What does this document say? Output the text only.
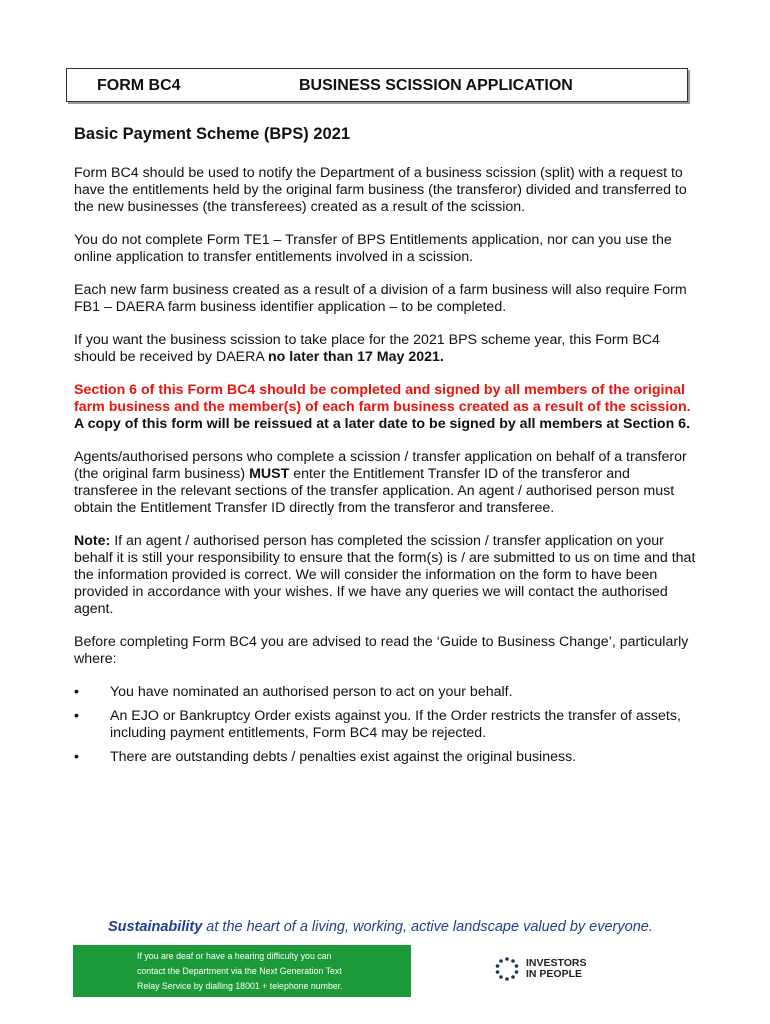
FORM BC4	BUSINESS SCISSION APPLICATION
Basic Payment Scheme (BPS) 2021

Form BC4 should be used to notify the Department of a business scission (split) with a request to have the entitlements held by the original farm business (the transferor) divided and transferred to the new businesses (the transferees) created as a result of the scission.

You do not complete Form TE1 – Transfer of BPS Entitlements application, nor can you use the online application to transfer entitlements involved in a scission.

Each new farm business created as a result of a division of a farm business will also require Form FB1 – DAERA farm business identifier application – to be completed.

If you want the business scission to take place for the 2021 BPS scheme year, this Form BC4 should be received by DAERA no later than 17 May 2021.

Section 6 of this Form BC4 should be completed and signed by all members of the original farm business and the member(s) of each farm business created as a result of the scission. A copy of this form will be reissued at a later date to be signed by all members at Section 6.

Agents/authorised persons who complete a scission / transfer application on behalf of a transferor (the original farm business) MUST enter the Entitlement Transfer ID of the transferor and transferee in the relevant sections of the transfer application. An agent / authorised person must obtain the Entitlement Transfer ID directly from the transferor and transferee.

Note: If an agent / authorised person has completed the scission / transfer application on your behalf it is still your responsibility to ensure that the form(s) is / are submitted to us on time and that the information provided is correct. We will consider the information on the form to have been provided in accordance with your wishes. If we have any queries we will contact the authorised agent.

Before completing Form BC4 you are advised to read the ‘Guide to Business Change’, particularly where:

• You have nominated an authorised person to act on your behalf.
• An EJO or Bankruptcy Order exists against you. If the Order restricts the transfer of assets, including payment entitlements, Form BC4 may be rejected.
• There are outstanding debts / penalties exist against the original business.
Sustainability at the heart of a living, working, active landscape valued by everyone.
If you are deaf or have a hearing difficulty you can
contact the Department via the Next Generation Text
Relay Service by dialling 18001 + telephone number.
INVESTORS
IN PEOPLE
